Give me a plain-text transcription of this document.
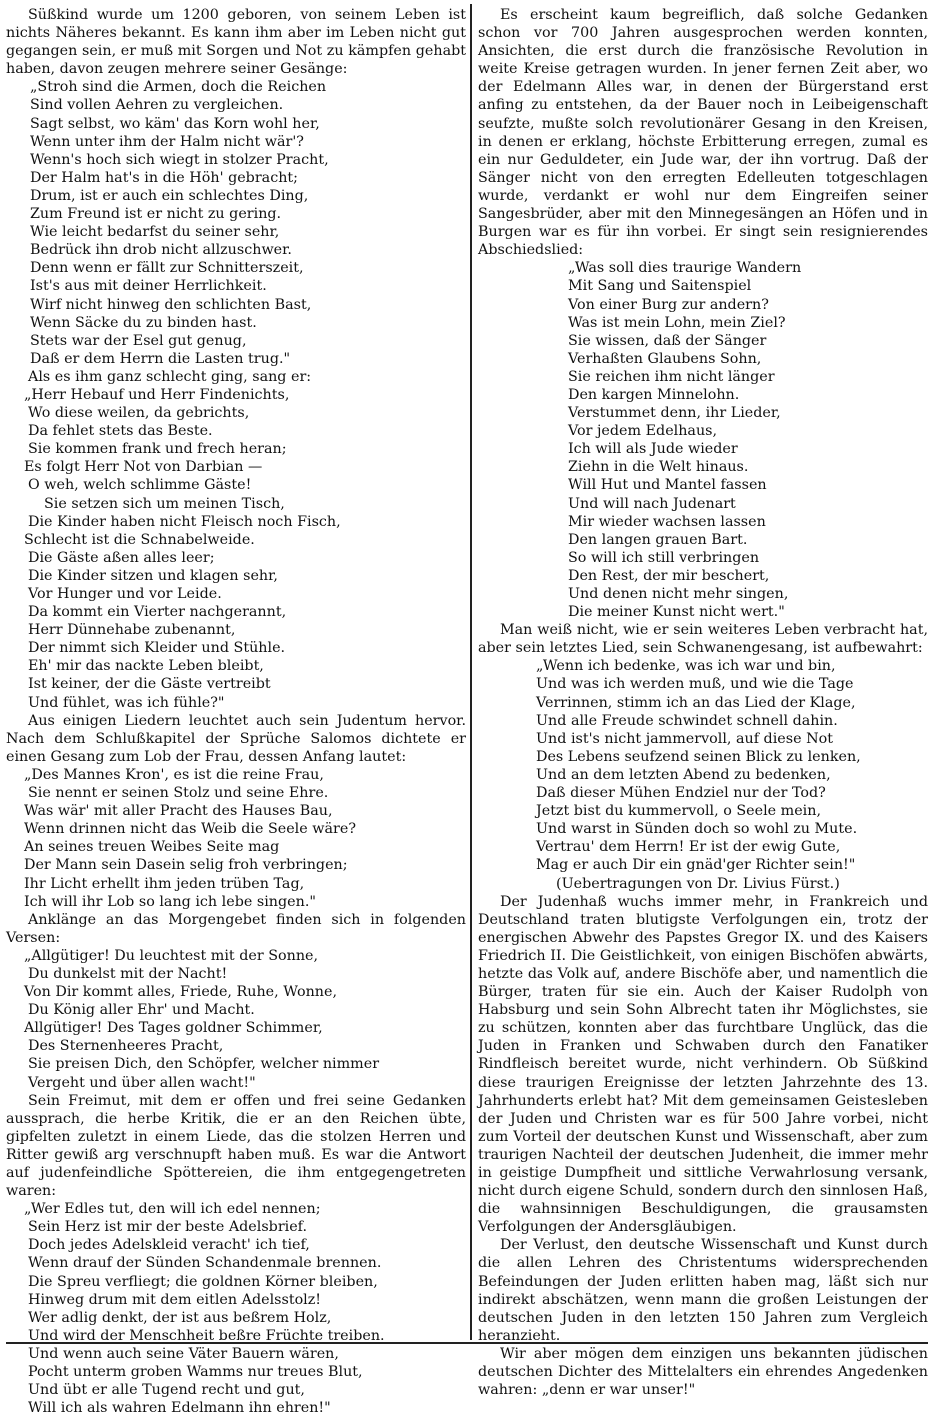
Süßkind wurde um 1200 geboren, von seinem Leben ist nichts Näheres bekannt. Es kann ihm aber im Leben nicht gut gegangen sein, er muß mit Sorgen und Not zu kämpfen gehabt haben, davon zeugen mehrere seiner Gesänge:

„Stroh sind die Armen, doch die Reichen
Sind vollen Aehren zu vergleichen.
Sagt selbst, wo käm' das Korn wohl her,
Wenn unter ihm der Halm nicht wär'?
Wenn's hoch sich wiegt in stolzer Pracht,
Der Halm hat's in die Höh' gebracht;
Drum, ist er auch ein schlechtes Ding,
Zum Freund ist er nicht zu gering.
Wie leicht bedarfst du seiner sehr,
Bedrück ihn drob nicht allzuschwer.
Denn wenn er fällt zur Schnitterszeit,
Ist's aus mit deiner Herrlichkeit.
Wirf nicht hinweg den schlichten Bast,
Wenn Säcke du zu binden hast.
Stets war der Esel gut genug,
Daß er dem Herrn die Lasten trug."

Als es ihm ganz schlecht ging, sang er:

„Herr Hebauf und Herr Findenichts,
Wo diese weilen, da gebrichts,
Da fehlet stets das Beste.
Sie kommen frank und frech heran;
Es folgt Herr Not von Darbian —
O weh, welch schlimme Gäste!
Sie setzen sich um meinen Tisch,
Die Kinder haben nicht Fleisch noch Fisch,
Schlecht ist die Schnabelweide.
Die Gäste aßen alles leer;
Die Kinder sitzen und klagen sehr,
Vor Hunger und vor Leide.
Da kommt ein Vierter nachgerannt,
Herr Dünnehabe zubenannt,
Der nimmt sich Kleider und Stühle.
Eh' mir das nackte Leben bleibt,
Ist keiner, der die Gäste vertreibt
Und fühlet, was ich fühle?"

Aus einigen Liedern leuchtet auch sein Judentum hervor. Nach dem Schlußkapitel der Sprüche Salomos dichtete er einen Gesang zum Lob der Frau, dessen Anfang lautet:

„Des Mannes Kron', es ist die reine Frau,
Sie nennt er seinen Stolz und seine Ehre.
Was wär' mit aller Pracht des Hauses Bau,
Wenn drinnen nicht das Weib die Seele wäre?
An seines treuen Weibes Seite mag
Der Mann sein Dasein selig froh verbringen;
Ihr Licht erhellt ihm jeden trüben Tag,
Ich will ihr Lob so lang ich lebe singen."

Anklänge an das Morgengebet finden sich in folgenden Versen:

„Allgütiger! Du leuchtest mit der Sonne,
Du dunkelst mit der Nacht!
Von Dir kommt alles, Friede, Ruhe, Wonne,
Du König aller Ehr' und Macht.
Allgütiger! Des Tages goldner Schimmer,
Des Sternenheeres Pracht,
Sie preisen Dich, den Schöpfer, welcher nimmer
Vergeht und über allen wacht!"

Sein Freimut, mit dem er offen und frei seine Gedanken aussprach, die herbe Kritik, die er an den Reichen übte, gipfelten zuletzt in einem Liede, das die stolzen Herren und Ritter gewiß arg verschnupft haben muß. Es war die Antwort auf judenfeindliche Spöttereien, die ihm entgegengetreten waren:

„Wer Edles tut, den will ich edel nennen;
Sein Herz ist mir der beste Adelsbrief.
Doch jedes Adelskleid veracht' ich tief,
Wenn drauf der Sünden Schandenmale brennen.
Die Spreu verfliegt; die goldnen Körner bleiben,
Hinweg drum mit dem eitlen Adelsstolz!
Wer adlig denkt, der ist aus beßrem Holz,
Und wird der Menschheit beßre Früchte treiben.
Und wenn auch seine Väter Bauern wären,
Pocht unterm groben Wamms nur treues Blut,
Und übt er alle Tugend recht und gut,
Will ich als wahren Edelmann ihn ehren!"

Es erscheint kaum begreiflich, daß solche Gedanken schon vor 700 Jahren ausgesprochen werden konnten, Ansichten, die erst durch die französische Revolution in weite Kreise getragen wurden. In jener fernen Zeit aber, wo der Edelmann Alles war, in denen der Bürgerstand erst anfing zu entstehen, da der Bauer noch in Leibeigenschaft seufzte, mußte solch revolutionärer Gesang in den Kreisen, in denen er erklang, höchste Erbitterung erregen, zumal es ein nur Geduldeter, ein Jude war, der ihn vortrug. Daß der Sänger nicht von den erregten Edelleuten totgeschlagen wurde, verdankt er wohl nur dem Eingreifen seiner Sangesbrüder, aber mit den Minnegesängen an Höfen und in Burgen war es für ihn vorbei. Er singt sein resignierendes Abschiedslied:

„Was soll dies traurige Wandern
Mit Sang und Saitenspiel
Von einer Burg zur andern?
Was ist mein Lohn, mein Ziel?
Sie wissen, daß der Sänger
Verhaßten Glaubens Sohn,
Sie reichen ihm nicht länger
Den kargen Minnelohn.
Verstummet denn, ihr Lieder,
Vor jedem Edelhaus,
Ich will als Jude wieder
Ziehn in die Welt hinaus.
Will Hut und Mantel fassen
Und will nach Judenart
Mir wieder wachsen lassen
Den langen grauen Bart.
So will ich still verbringen
Den Rest, der mir beschert,
Und denen nicht mehr singen,
Die meiner Kunst nicht wert."

Man weiß nicht, wie er sein weiteres Leben verbracht hat, aber sein letztes Lied, sein Schwanengesang, ist aufbewahrt:

„Wenn ich bedenke, was ich war und bin,
Und was ich werden muß, und wie die Tage
Verrinnen, stimm ich an das Lied der Klage,
Und alle Freude schwindet schnell dahin.
Und ist's nicht jammervoll, auf diese Not
Des Lebens seufzend seinen Blick zu lenken,
Und an dem letzten Abend zu bedenken,
Daß dieser Mühen Endziel nur der Tod?
Jetzt bist du kummervoll, o Seele mein,
Und warst in Sünden doch so wohl zu Mute.
Vertrau' dem Herrn! Er ist der ewig Gute,
Mag er auch Dir ein gnäd'ger Richter sein!"
(Uebertragungen von Dr. Livius Fürst.)

Der Judenhaß wuchs immer mehr, in Frankreich und Deutschland traten blutigste Verfolgungen ein, trotz der energischen Abwehr des Papstes Gregor IX. und des Kaisers Friedrich II. Die Geistlichkeit, von einigen Bischöfen abwärts, hetzte das Volk auf, andere Bischöfe aber, und namentlich die Bürger, traten für sie ein. Auch der Kaiser Rudolph von Habsburg und sein Sohn Albrecht taten ihr Möglichstes, sie zu schützen, konnten aber das furchtbare Unglück, das die Juden in Franken und Schwaben durch den Fanatiker Rindfleisch bereitet wurde, nicht verhindern. Ob Süßkind diese traurigen Ereignisse der letzten Jahrzehnte des 13. Jahrhunderts erlebt hat? Mit dem gemeinsamen Geistesleben der Juden und Christen war es für 500 Jahre vorbei, nicht zum Vorteil der deutschen Kunst und Wissenschaft, aber zum traurigen Nachteil der deutschen Judenheit, die immer mehr in geistige Dumpfheit und sittliche Verwahrlosung versank, nicht durch eigene Schuld, sondern durch den sinnlosen Haß, die wahnsinnigen Beschuldigungen, die grausamsten Verfolgungen der Andersgläubigen.

Der Verlust, den deutsche Wissenschaft und Kunst durch die allen Lehren des Christentums widersprechenden Befeindungen der Juden erlitten haben mag, läßt sich nur indirekt abschätzen, wenn mann die großen Leistungen der deutschen Juden in den letzten 150 Jahren zum Vergleich heranzieht.

Wir aber mögen dem einzigen uns bekannten jüdischen deutschen Dichter des Mittelalters ein ehrendes Angedenken wahren: „denn er war unser!"
